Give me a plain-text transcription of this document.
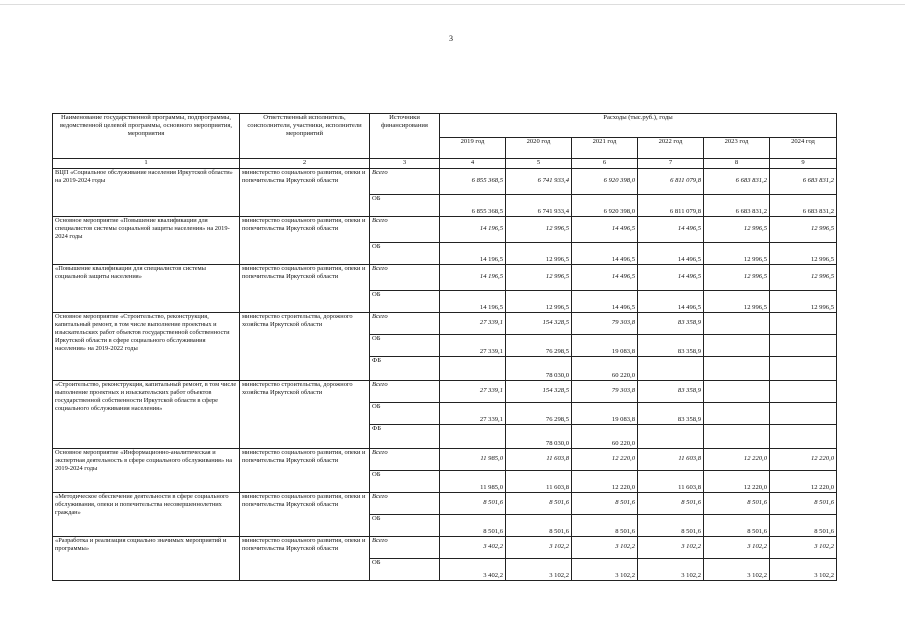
3
Наименование государственной программы, подпрограммы, ведомственной целевой программы, основного мероприятия, мероприятия	Ответственный исполнитель, соисполнители, участники, исполнители мероприятий	Источники финансирования	Расходы (тыс.руб.), годы					
			2019 год	2020 год	2021 год	2022 год	2023 год	2024 год
1	2	3	4	5	6	7	8	9
ВЦП «Социальное обслуживание населения Иркутской области» на 2019-2024 годы	министерство социального развития, опеки и попечительства Иркутской области	Всего	6 855 368,5	6 741 933,4	6 920 398,0	6 811 079,8	6 683 831,2	6 683 831,2
		ОБ	6 855 368,5	6 741 933,4	6 920 398,0	6 811 079,8	6 683 831,2	6 683 831,2
Основное мероприятие «Повышение квалификации для специалистов системы социальной защиты населения» на 2019-2024 годы	министерство социального развития, опеки и попечительства Иркутской области	Всего	14 196,5	12 996,5	14 496,5	14 496,5	12 996,5	12 996,5
		ОБ	14 196,5	12 996,5	14 496,5	14 496,5	12 996,5	12 996,5
«Повышение квалификации для специалистов системы социальной защиты населения»	министерство социального развития, опеки и попечительства Иркутской области	Всего	14 196,5	12 996,5	14 496,5	14 496,5	12 996,5	12 996,5
		ОБ	14 196,5	12 996,5	14 496,5	14 496,5	12 996,5	12 996,5
Основное мероприятие «Строительство, реконструкция, капитальный ремонт, в том числе выполнение проектных и изыскательских работ объектов государственной собственности Иркутской области в сфере социального обслуживания населения» на 2019-2022 годы	министерство строительства, дорожного хозяйства Иркутской области	Всего	27 339,1	154 328,5	79 303,8	83 358,9		
		ОБ	27 339,1	76 298,5	19 083,8	83 358,9		
		ФБ		78 030,0	60 220,0			
«Строительство, реконструкция, капитальный ремонт, в том числе выполнение проектных и изыскательских работ объектов государственной собственности Иркутской области в сфере социального обслуживания населения»	министерство строительства, дорожного хозяйства Иркутской области	Всего	27 339,1	154 328,5	79 303,8	83 358,9		
		ОБ	27 339,1	76 298,5	19 083,8	83 358,9		
		ФБ		78 030,0	60 220,0			
Основное мероприятие «Информационно-аналитическая и экспертная деятельность в сфере социального обслуживания» на 2019-2024 годы	министерство социального развития, опеки и попечительства Иркутской области	Всего	11 985,0	11 603,8	12 220,0	11 603,8	12 220,0	12 220,0
		ОБ	11 985,0	11 603,8	12 220,0	11 603,8	12 220,0	12 220,0
«Методическое обеспечение деятельности в сфере социального обслуживания, опеки и попечительства несовершеннолетних граждан»	министерство социального развития, опеки и попечительства Иркутской области	Всего	8 501,6	8 501,6	8 501,6	8 501,6	8 501,6	8 501,6
		ОБ	8 501,6	8 501,6	8 501,6	8 501,6	8 501,6	8 501,6
«Разработка и реализация социально значимых мероприятий и программы»	министерство социального развития, опеки и попечительства Иркутской области	Всего	3 402,2	3 102,2	3 102,2	3 102,2	3 102,2	3 102,2
		ОБ	3 402,2	3 102,2	3 102,2	3 102,2	3 102,2	3 102,2
